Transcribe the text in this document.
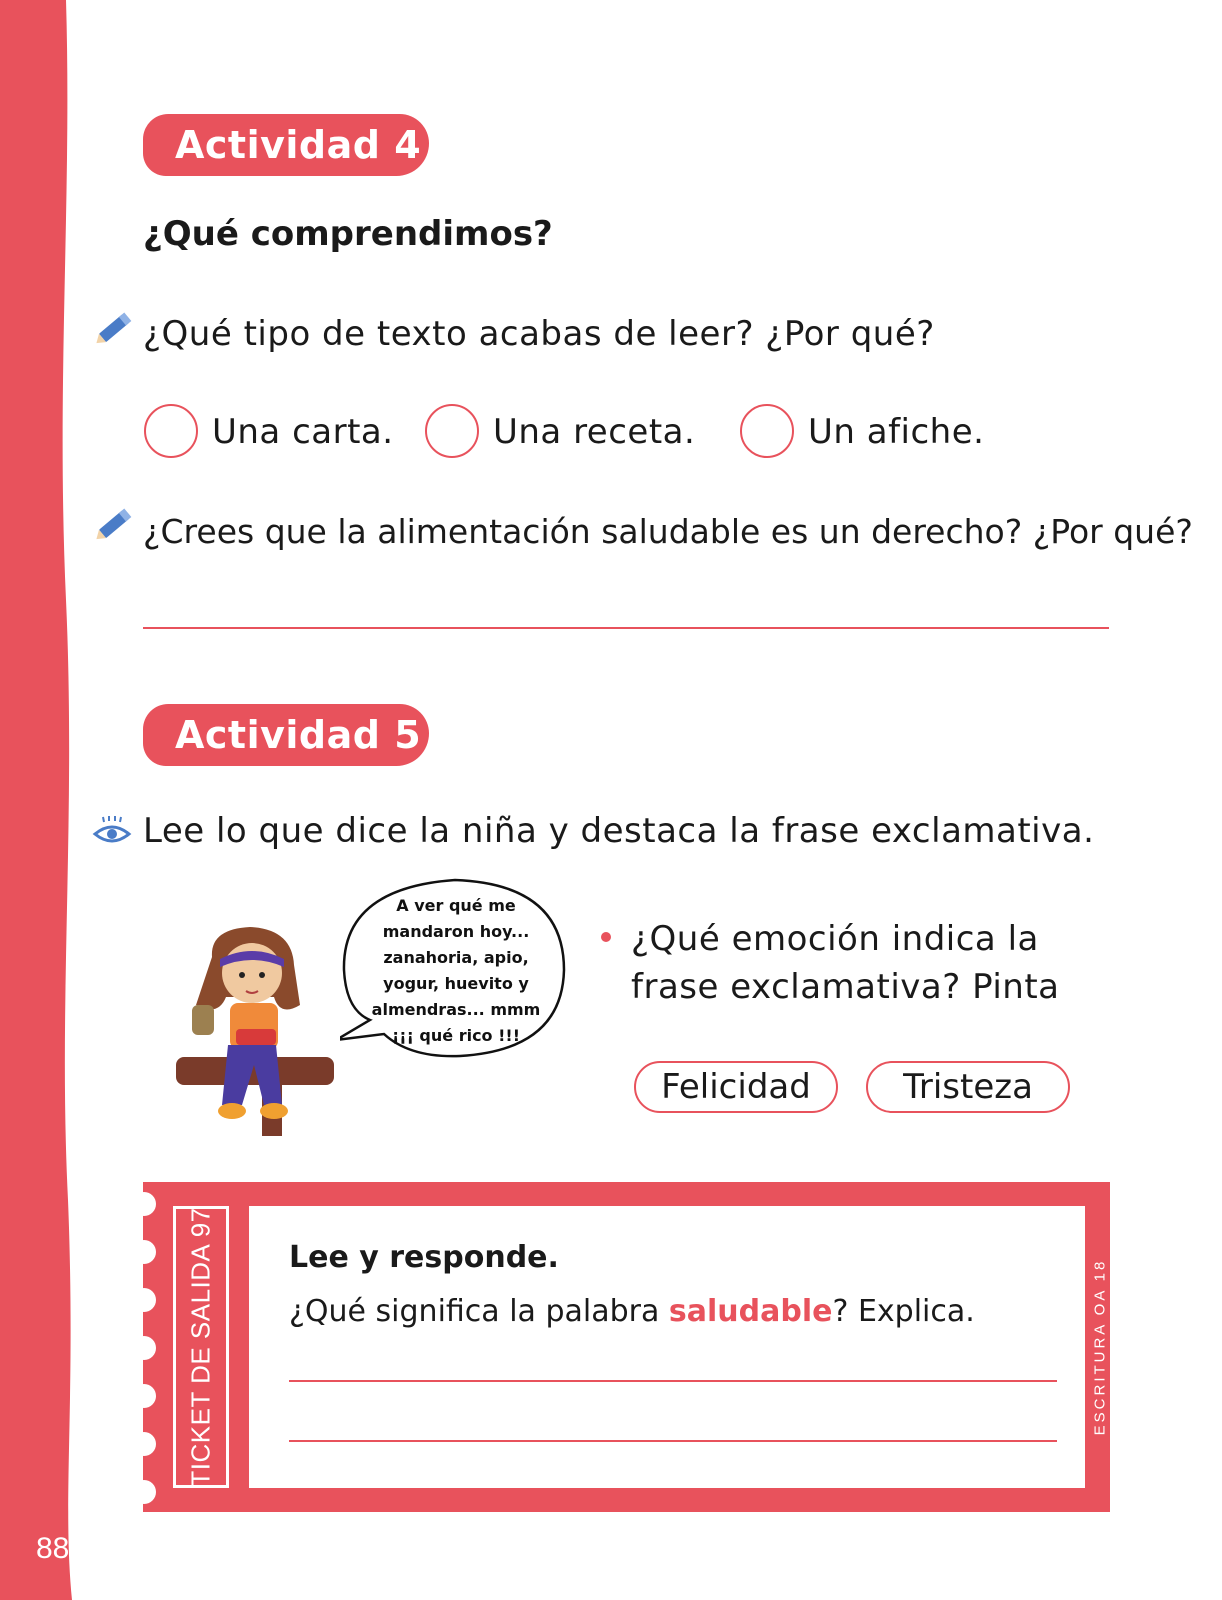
88
Actividad 4
¿Qué comprendimos?
¿Qué tipo de texto acabas de leer? ¿Por qué?
Una carta.	Una receta.	Un afiche.
¿Crees que la alimentación saludable es un derecho? ¿Por qué?
Actividad 5
Lee lo que dice la niña y destaca la frase exclamativa.
A ver qué me
mandaron hoy...
zanahoria, apio,
yogur, huevito y
almendras... mmm
¡¡¡ qué rico !!!
¿Qué emoción indica la frase exclamativa? Pinta
Felicidad	Tristeza
TICKET DE SALIDA 97 Lee y responde.
¿Qué significa la palabra saludable? Explica.	ESCRITURA OA 18
